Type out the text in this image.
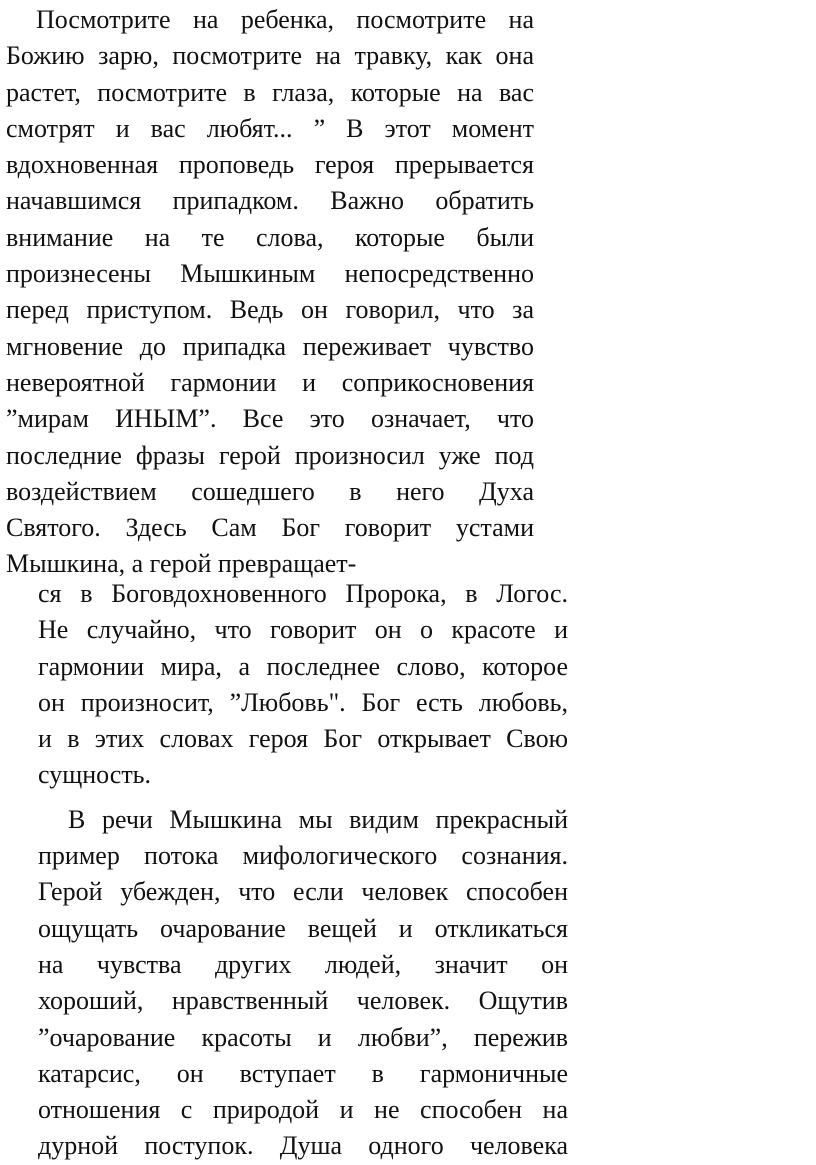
Посмотрите на ребенка, посмотрите на
Божию зарю, посмотрите на травку, как она
растет, посмотрите в глаза, которые на вас
смотрят и вас любят... ” В этот момент
вдохновенная проповедь героя прерывается
начавшимся припадком. Важно обратить
внимание на те слова, которые были
произнесены Мышкиным непосредственно
перед приступом. Ведь он говорил, что за
мгновение до припадка переживает чувство
невероятной гармонии и соприкосновения
”мирам ИНЫМ”. Все это означает, что
последние фразы герой произносил уже под
воздействием сошедшего в него Духа
Святого. Здесь Сам Бог говорит устами
Мышкина, а герой превращает-
ся в Боговдохновенного Пророка, в Логос.
Не случайно, что говорит он о красоте и
гармонии мира, а последнее слово, которое
он произносит, ”Любовь". Бог есть любовь,
и в этих словах героя Бог открывает Свою
сущность.
В речи Мышкина мы видим прекрасный
пример потока мифологического сознания.
Герой убежден, что если человек способен
ощущать очарование вещей и откликаться
на чувства других людей, значит он
хороший, нравственный человек. Ощутив
”очарование красоты и любви”, пережив
катарсис, он вступает в гармоничные
отношения с природой и не способен на
дурной поступок. Душа одного человека
